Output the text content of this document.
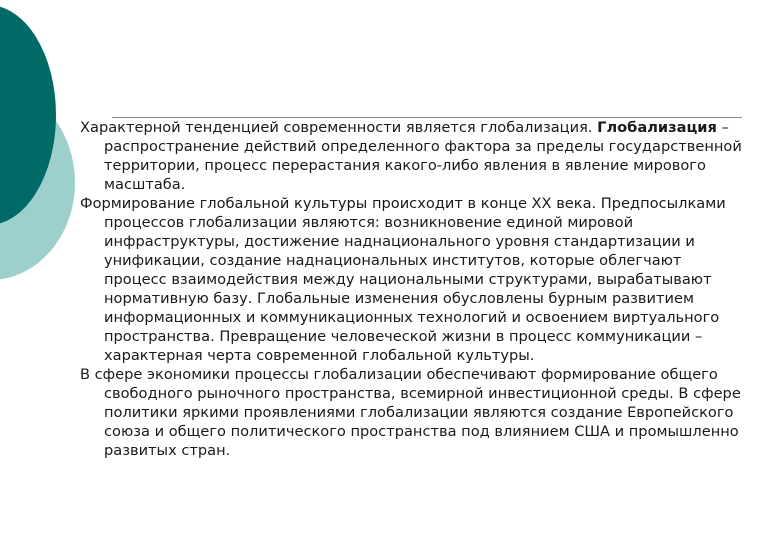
Характерной тенденцией современности является глобализация. Глобализация – распространение действий определенного фактора за пределы государственной территории, процесс перерастания какого-либо явления в явление мирового масштаба.

Формирование глобальной культуры происходит в конце XX века. Предпосылками процессов глобализации являются: возникновение единой мировой инфраструктуры, достижение наднационального уровня стандартизации и унификации, создание наднациональных институтов, которые облегчают процесс взаимодействия между национальными структурами, вырабатывают нормативную базу. Глобальные изменения обусловлены бурным развитием информационных и коммуникационных технологий и освоением виртуального пространства. Превращение человеческой жизни в процесс коммуникации – характерная черта современной глобальной культуры.

В сфере экономики процессы глобализации обеспечивают формирование общего свободного рыночного пространства, всемирной инвестиционной среды. В сфере политики яркими проявлениями глобализации являются создание Европейского союза и общего политического пространства под влиянием США и промышленно развитых стран.
